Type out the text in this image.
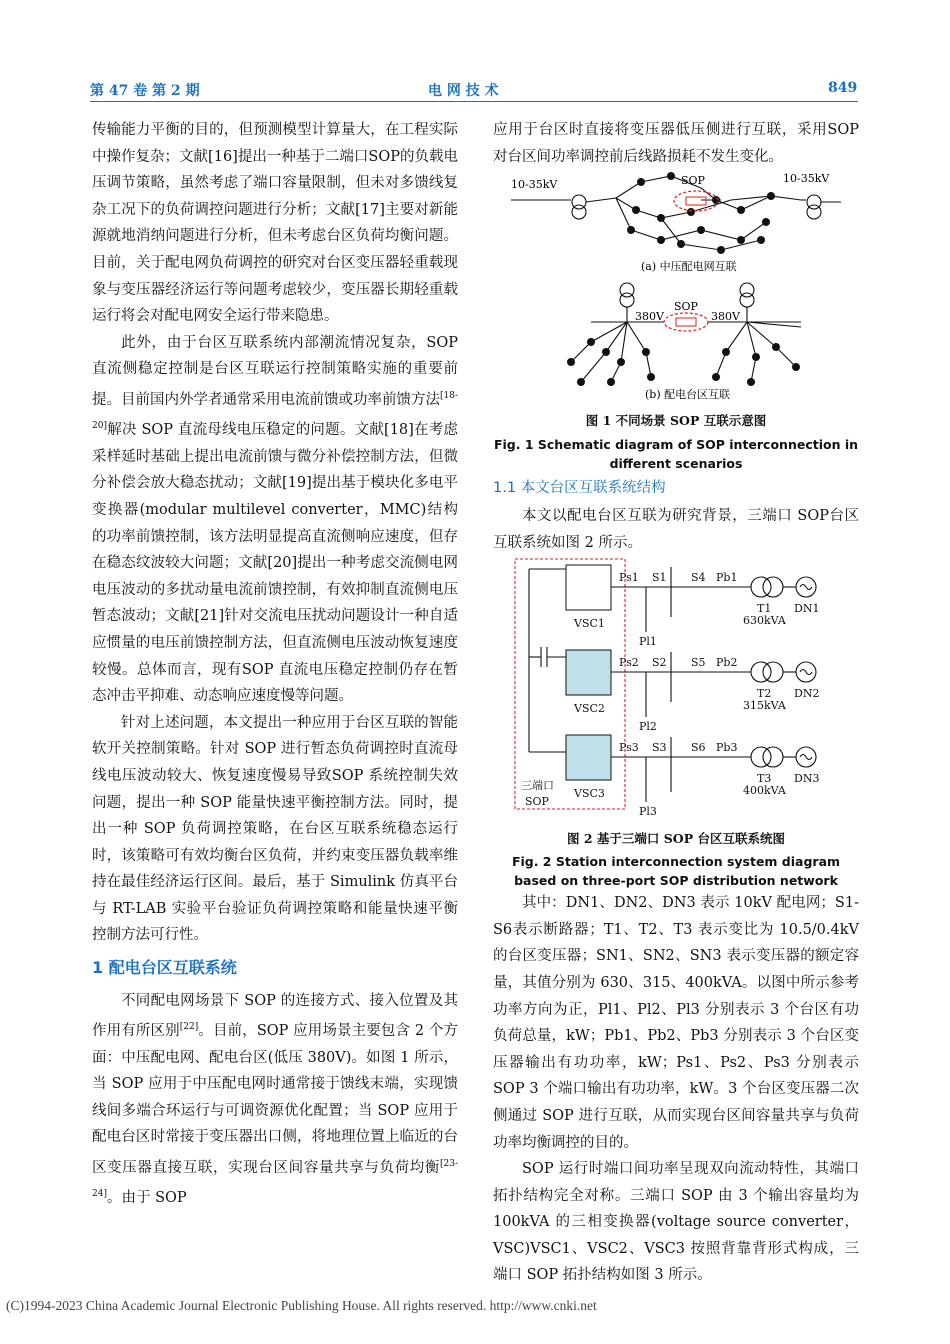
第 47 卷 第 2 期	电 网 技 术	849

传输能力平衡的目的，但预测模型计算量大，在工程实际中操作复杂；文献[16]提出一种基于二端口SOP的负载电压调节策略，虽然考虑了端口容量限制，但未对多馈线复杂工况下的负荷调控问题进行分析；文献[17]主要对新能源就地消纳问题进行分析，但未考虑台区负荷均衡问题。目前，关于配电网负荷调控的研究对台区变压器轻重载现象与变压器经济运行等问题考虑较少，变压器长期轻重载运行将会对配电网安全运行带来隐患。

此外，由于台区互联系统内部潮流情况复杂，SOP 直流侧稳定控制是台区互联运行控制策略实施的重要前提。目前国内外学者通常采用电流前馈或功率前馈方法[18-20]解决 SOP 直流母线电压稳定的问题。文献[18]在考虑采样延时基础上提出电流前馈与微分补偿控制方法，但微分补偿会放大稳态扰动；文献[19]提出基于模块化多电平变换器(modular multilevel converter，MMC)结构的功率前馈控制，该方法明显提高直流侧响应速度，但存在稳态纹波较大问题；文献[20]提出一种考虑交流侧电网电压波动的多扰动量电流前馈控制，有效抑制直流侧电压暂态波动；文献[21]针对交流电压扰动问题设计一种自适应惯量的电压前馈控制方法，但直流侧电压波动恢复速度较慢。总体而言，现有SOP 直流电压稳定控制仍存在暂态冲击平抑难、动态响应速度慢等问题。

针对上述问题，本文提出一种应用于台区互联的智能软开关控制策略。针对 SOP 进行暂态负荷调控时直流母线电压波动较大、恢复速度慢易导致SOP 系统控制失效问题，提出一种 SOP 能量快速平衡控制方法。同时，提出一种 SOP 负荷调控策略，在台区互联系统稳态运行时，该策略可有效均衡台区负荷，并约束变压器负载率维持在最佳经济运行区间。最后，基于 Simulink 仿真平台与 RT-LAB 实验平台验证负荷调控策略和能量快速平衡控制方法可行性。

1 配电台区互联系统

不同配电网场景下 SOP 的连接方式、接入位置及其作用有所区别[22]。目前，SOP 应用场景主要包含 2 个方面：中压配电网、配电台区(低压 380V)。如图 1 所示，当 SOP 应用于中压配电网时通常接于馈线末端，实现馈线间多端合环运行与可调资源优化配置；当 SOP 应用于配电台区时常接于变压器出口侧，将地理位置上临近的台区变压器直接互联，实现台区间容量共享与负荷均衡[23-24]。由于 SOP

应用于台区时直接将变压器低压侧进行互联，采用SOP 对台区间功率调控前后线路损耗不发生变化。

10-35kV	10-35kV
SOP
(a) 中压配电网互联
SOP
380V	380V
(b) 配电台区互联
图 1 不同场景 SOP 互联示意图
Fig. 1 Schematic diagram of SOP interconnection in different scenarios
1.1 本文台区互联系统结构

本文以配电台区互联为研究背景，三端口 SOP台区互联系统如图 2 所示。

VSC1
VSC2
VSC3
Ps1
Ps2
Ps3
S1
S2
S3
S4
S5
S6
Pb1
Pb2
Pb3
Pl1
Pl2
Pl3
T1
T2
T3
630kVA
315kVA
400kVA
DN1
DN2
DN3
三端口
SOP
图 2 基于三端口 SOP 台区互联系统图
Fig. 2 Station interconnection system diagram based on three-port SOP distribution network

其中：DN1、DN2、DN3 表示 10kV 配电网；S1-S6表示断路器；T1、T2、T3 表示变比为 10.5/0.4kV 的台区变压器；SN1、SN2、SN3 表示变压器的额定容量，其值分别为 630、315、400kVA。以图中所示参考功率方向为正，Pl1、Pl2、Pl3 分别表示 3 个台区有功负荷总量，kW；Pb1、Pb2、Pb3 分别表示 3 个台区变压器输出有功功率，kW；Ps1、Ps2、Ps3 分别表示 SOP 3 个端口输出有功功率，kW。3 个台区变压器二次侧通过 SOP 进行互联，从而实现台区间容量共享与负荷功率均衡调控的目的。

SOP 运行时端口间功率呈现双向流动特性，其端口拓扑结构完全对称。三端口 SOP 由 3 个输出容量均为 100kVA 的三相变换器(voltage source converter，VSC)VSC1、VSC2、VSC3 按照背靠背形式构成，三端口 SOP 拓扑结构如图 3 所示。

(C)1994-2023 China Academic Journal Electronic Publishing House. All rights reserved. http://www.cnki.net
